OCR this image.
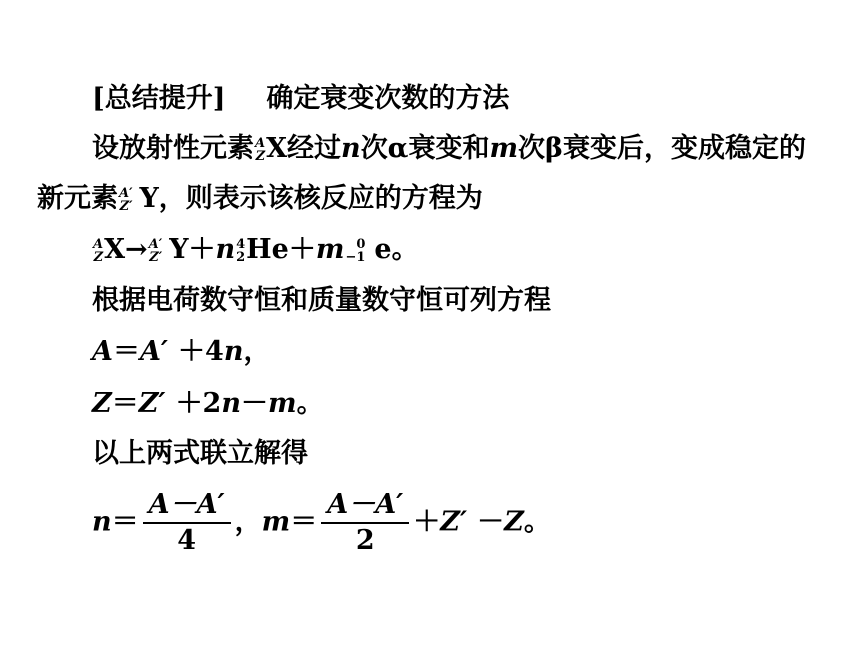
[总结提升] 确定衰变次数的方法
设放射性元素 A
Z X经过n次α衰变和m次β衰变后，变成稳定的
新元素 A′
Z′ Y，则表示该核反应的方程为
A
Z X→ A′
Z′ Y＋n 4
2 He＋m 0
−1 e。
根据电荷数守恒和质量数守恒可列方程
A＝A′ ＋4n，
Z＝Z′ ＋2n－m。
以上两式联立解得
$n= \frac{A-A'}{4}$ ，$m= \frac{A-A'}{2} +Z' -Z$。
